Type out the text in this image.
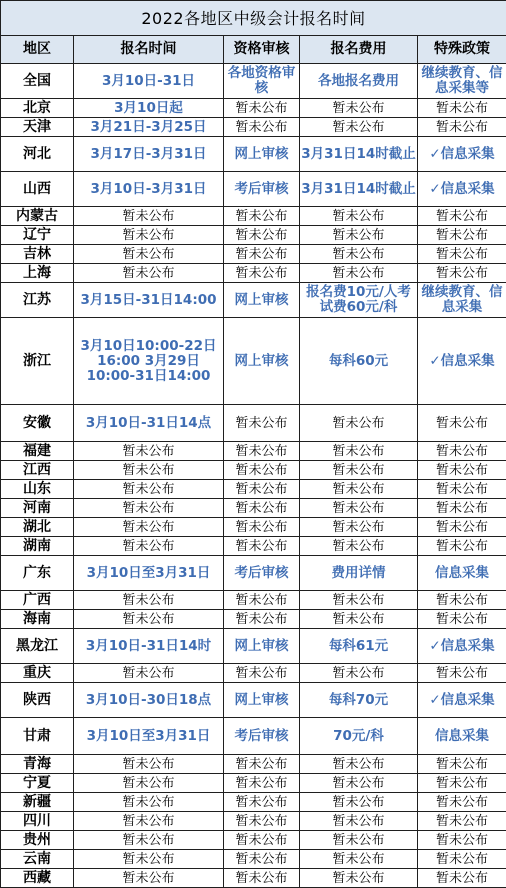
2022各地区中级会计报名时间				
地区	报名时间	资格审核	报名费用	特殊政策
全国	3月10日-31日	各地资格审核	各地报名费用	继续教育、信息采集等
北京	3月10日起	暂未公布	暂未公布	暂未公布
天津	3月21日-3月25日	暂未公布	暂未公布	暂未公布
河北	3月17日-3月31日	网上审核	3月31日14时截止	✓信息采集
山西	3月10日-3月31日	考后审核	3月31日14时截止	✓信息采集
内蒙古	暂未公布	暂未公布	暂未公布	暂未公布
辽宁	暂未公布	暂未公布	暂未公布	暂未公布
吉林	暂未公布	暂未公布	暂未公布	暂未公布
上海	暂未公布	暂未公布	暂未公布	暂未公布
江苏	3月15日-31日14:00	网上审核	报名费10元/人考试费60元/科	继续教育、信息采集
浙江	3月10日10:00-22日16:00 3月29日10:00-31日14:00	网上审核	每科60元	✓信息采集
安徽	3月10日-31日14点	暂未公布	暂未公布	暂未公布
福建	暂未公布	暂未公布	暂未公布	暂未公布
江西	暂未公布	暂未公布	暂未公布	暂未公布
山东	暂未公布	暂未公布	暂未公布	暂未公布
河南	暂未公布	暂未公布	暂未公布	暂未公布
湖北	暂未公布	暂未公布	暂未公布	暂未公布
湖南	暂未公布	暂未公布	暂未公布	暂未公布
广东	3月10日至3月31日	考后审核	费用详情	信息采集
广西	暂未公布	暂未公布	暂未公布	暂未公布
海南	暂未公布	暂未公布	暂未公布	暂未公布
黑龙江	3月10日-31日14时	网上审核	每科61元	✓信息采集
重庆	暂未公布	暂未公布	暂未公布	暂未公布
陕西	3月10日-30日18点	网上审核	每科70元	✓信息采集
甘肃	3月10日至3月31日	考后审核	70元/科	信息采集
青海	暂未公布	暂未公布	暂未公布	暂未公布
宁夏	暂未公布	暂未公布	暂未公布	暂未公布
新疆	暂未公布	暂未公布	暂未公布	暂未公布
四川	暂未公布	暂未公布	暂未公布	暂未公布
贵州	暂未公布	暂未公布	暂未公布	暂未公布
云南	暂未公布	暂未公布	暂未公布	暂未公布
西藏	暂未公布	暂未公布	暂未公布	暂未公布
